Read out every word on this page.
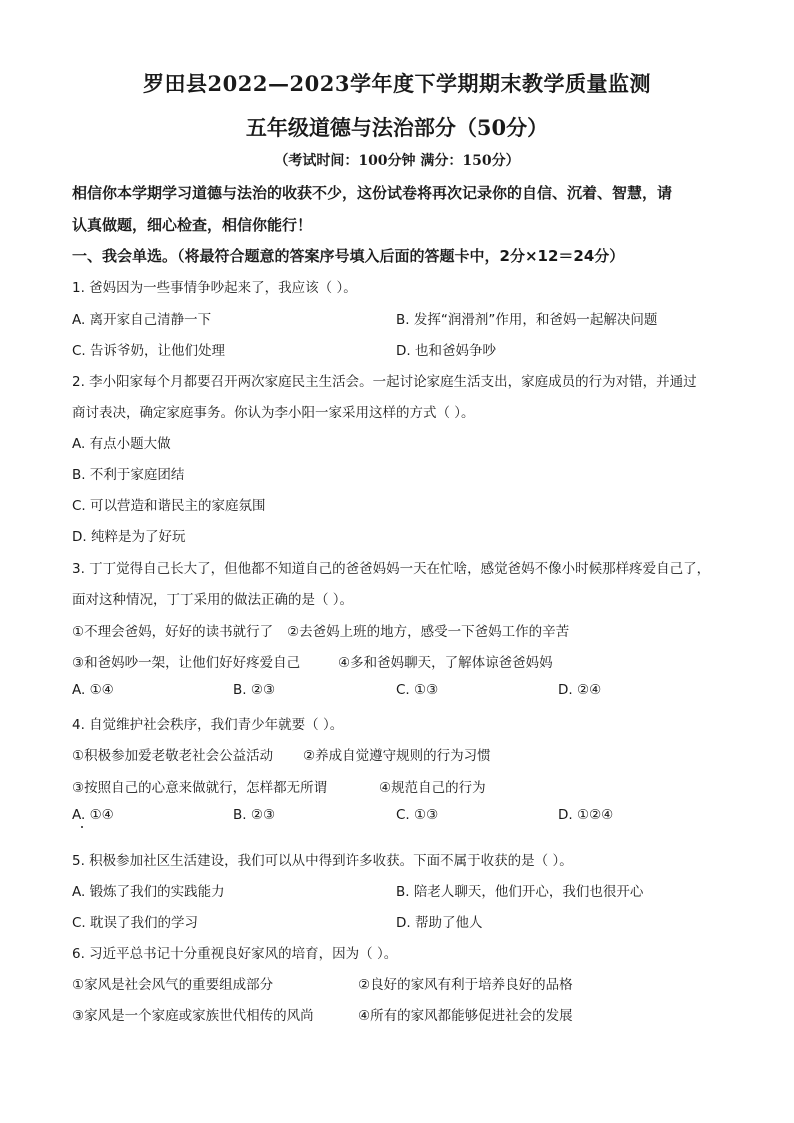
罗田县2022—2023学年度下学期期末教学质量监测
五年级道德与法治部分（50分）
（考试时间：100分钟 满分：150分）
相信你本学期学习道德与法治的收获不少，这份试卷将再次记录你的自信、沉着、智慧，请
认真做题，细心检查，相信你能行！
一、我会单选。（将最符合题意的答案序号填入后面的答题卡中，2分×12＝24分）
1. 爸妈因为一些事情争吵起来了，我应该（ ）。
A. 离开家自己清静一下	B. 发挥“润滑剂”作用，和爸妈一起解决问题
C. 告诉爷奶，让他们处理	D. 也和爸妈争吵
2. 李小阳家每个月都要召开两次家庭民主生活会。一起讨论家庭生活支出，家庭成员的行为对错，并通过
商讨表决，确定家庭事务。你认为李小阳一家采用这样的方式（ ）。
A. 有点小题大做
B. 不利于家庭团结
C. 可以营造和谐民主的家庭氛围
D. 纯粹是为了好玩
3. 丁丁觉得自己长大了，但他都不知道自己的爸爸妈妈一天在忙啥，感觉爸妈不像小时候那样疼爱自己了，
面对这种情况，丁丁采用的做法正确的是（ ）。
①不理会爸妈，好好的读书就行了 ②去爸妈上班的地方，感受一下爸妈工作的辛苦
③和爸妈吵一架，让他们好好疼爱自己	④多和爸妈聊天，了解体谅爸爸妈妈
A. ①④	B. ②③	C. ①③	D. ②④
4. 自觉维护社会秩序，我们青少年就要（ ）。
①积极参加爱老敬老社会公益活动 ②养成自觉遵守规则的行为习惯
③按照自己的心意来做就行，怎样都无所谓	④规范自己的行为
A. ①④	B. ②③	C. ①③	D. ①②④
5. 积极参加社区生活建设，我们可以从中得到许多收获。下面不属于收获的是（ ）。
A. 锻炼了我们的实践能力	B. 陪老人聊天，他们开心，我们也很开心
C. 耽误了我们的学习	D. 帮助了他人
6. 习近平总书记十分重视良好家风的培育，因为（ ）。
①家风是社会风气的重要组成部分	②良好的家风有利于培养良好的品格
③家风是一个家庭或家族世代相传的风尚	④所有的家风都能够促进社会的发展
